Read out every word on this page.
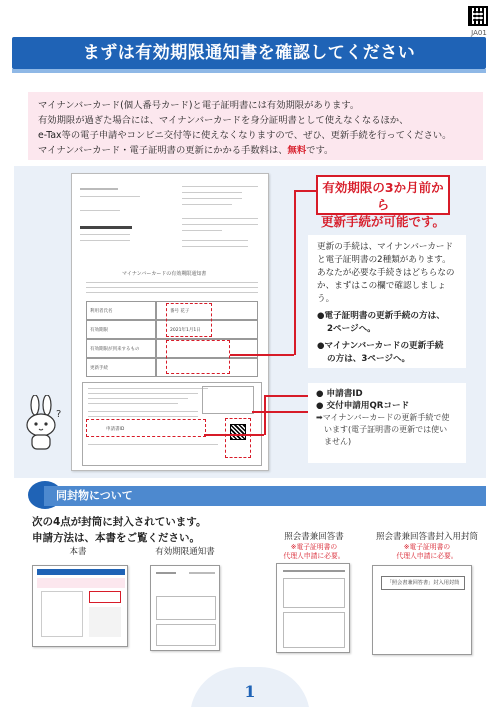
JA01
まずは有効期限通知書を確認してください

マイナンバーカード(個人番号カード)と電子証明書には有効期限があります。

有効期限が過ぎた場合には、マイナンバーカードを身分証明書として使えなくなるほか、

e-Tax等の電子申請やコンビニ交付等に使えなくなりますので、ぜひ、更新手続を行ってください。

マイナンバーカード・電子証明書の更新にかかる手数料は、無料です。

マイナンバーカードの有効期限通知書
利用者氏名
有効期限
有効期限が到来するもの
更新手続
番号 花子
2021年1月1日
申請書ID
有効期限の3か月前から
更新手続が可能です。
更新の手続は、マイナンバーカードと電子証明書の2種類があります。あなたが必要な手続きはどちらなのか、まずはこの欄で確認しましょう。
●電子証明書の更新手続の方は、
2ページへ。
●マイナンバーカードの更新手続
の方は、3ページへ。
● 申請書ID
● 交付申請用QRコード
➡マイナンバーカードの更新手続で使
います(電子証明書の更新では使い
ません)
?
同封物について
次の4点が封筒に封入されています。
申請方法は、本書をご覧ください。
本書	有効期限通知書
照会書兼回答書
※電子証明書の
代理人申請に必要。
照会書兼回答書封入用封筒
※電子証明書の
代理人申請に必要。
「照会書兼回答書」封入用封筒
1
